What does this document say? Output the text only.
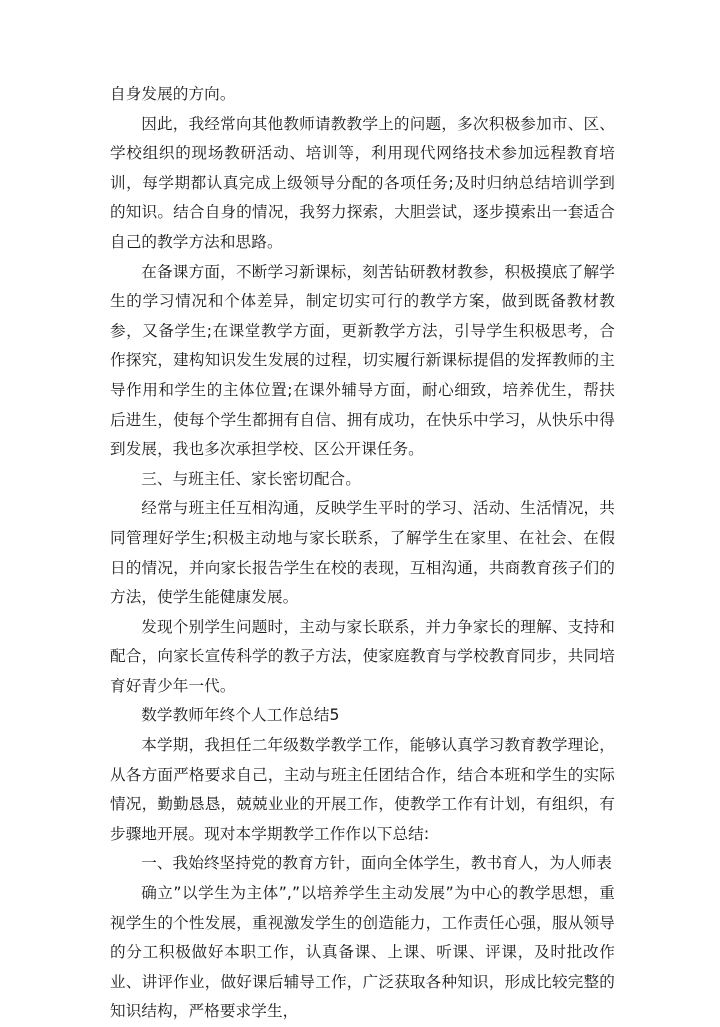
自身发展的方向。

因此，我经常向其他教师请教教学上的问题，多次积极参加市、区、学校组织的现场教研活动、培训等，利用现代网络技术参加远程教育培训，每学期都认真完成上级领导分配的各项任务;及时归纳总结培训学到的知识。结合自身的情况，我努力探索，大胆尝试，逐步摸索出一套适合自己的教学方法和思路。

在备课方面，不断学习新课标，刻苦钻研教材教参，积极摸底了解学生的学习情况和个体差异，制定切实可行的教学方案，做到既备教材教参，又备学生;在课堂教学方面，更新教学方法，引导学生积极思考，合作探究，建构知识发生发展的过程，切实履行新课标提倡的发挥教师的主导作用和学生的主体位置;在课外辅导方面，耐心细致，培养优生，帮扶后进生，使每个学生都拥有自信、拥有成功，在快乐中学习，从快乐中得到发展，我也多次承担学校、区公开课任务。

三、与班主任、家长密切配合。

经常与班主任互相沟通，反映学生平时的学习、活动、生活情况，共同管理好学生;积极主动地与家长联系，了解学生在家里、在社会、在假日的情况，并向家长报告学生在校的表现，互相沟通，共商教育孩子们的方法，使学生能健康发展。

发现个别学生问题时，主动与家长联系，并力争家长的理解、支持和配合，向家长宣传科学的教子方法，使家庭教育与学校教育同步，共同培育好青少年一代。

数学教师年终个人工作总结5

本学期，我担任二年级数学教学工作，能够认真学习教育教学理论，从各方面严格要求自己，主动与班主任团结合作，结合本班和学生的实际情况，勤勤恳恳，兢兢业业的开展工作，使教学工作有计划，有组织，有步骤地开展。现对本学期教学工作作以下总结:

一、我始终坚持党的教育方针，面向全体学生，教书育人，为人师表

确立”以学生为主体”,”以培养学生主动发展”为中心的教学思想，重视学生的个性发展，重视激发学生的创造能力，工作责任心强，服从领导的分工积极做好本职工作，认真备课、上课、听课、评课，及时批改作业、讲评作业，做好课后辅导工作，广泛获取各种知识，形成比较完整的知识结构，严格要求学生，
